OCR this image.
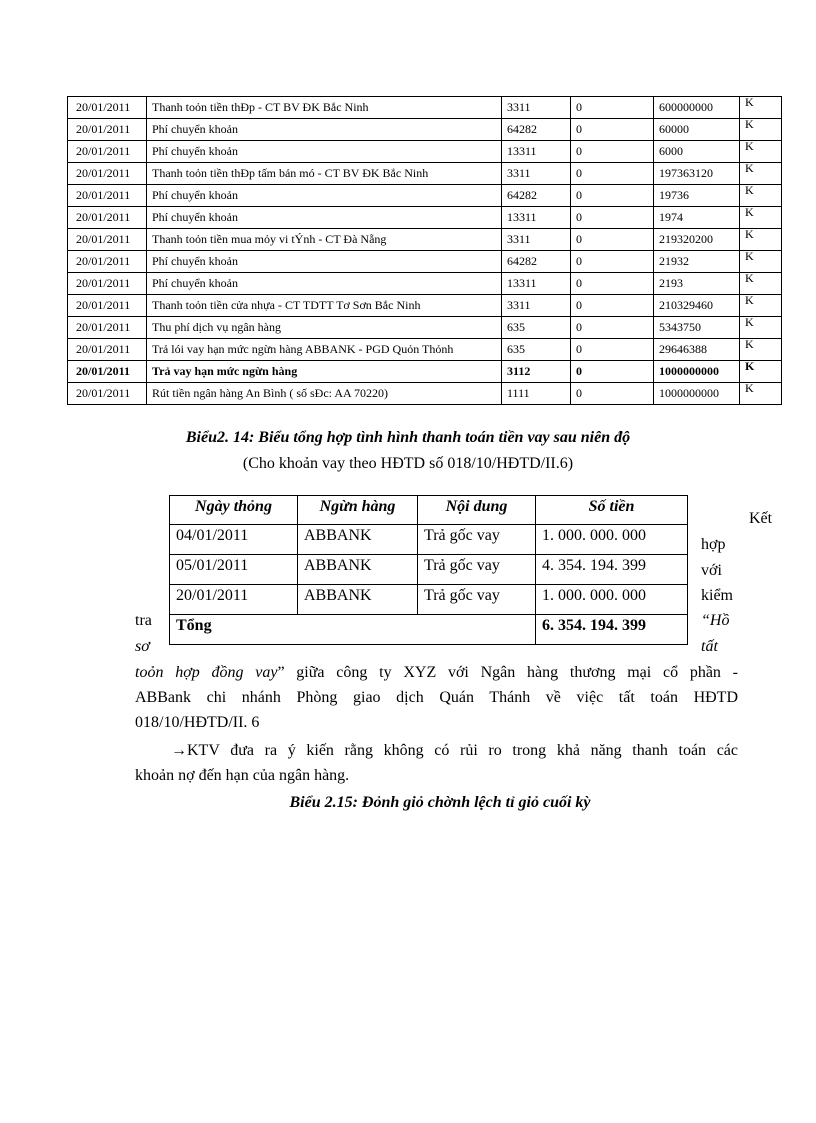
20/01/2011	Thanh toỏn tiền thĐp - CT BV ĐK Bắc Ninh	3311	0	600000000	K
20/01/2011	Phí chuyển khoản	64282	0	60000	K
20/01/2011	Phí chuyển khoản	13311	0	6000	K
20/01/2011	Thanh toỏn tiền thĐp tấm bản mó - CT BV ĐK Bắc Ninh	3311	0	197363120	K
20/01/2011	Phí chuyển khoản	64282	0	19736	K
20/01/2011	Phí chuyển khoản	13311	0	1974	K
20/01/2011	Thanh toỏn tiền mua mỏy vi tÝnh - CT Đà Nẵng	3311	0	219320200	K
20/01/2011	Phí chuyển khoản	64282	0	21932	K
20/01/2011	Phí chuyển khoản	13311	0	2193	K
20/01/2011	Thanh toỏn tiền cửa nhựa - CT TDTT Tơ Sơn Bắc Ninh	3311	0	210329460	K
20/01/2011	Thu phí dịch vụ ngân hàng	635	0	5343750	K
20/01/2011	Trả lói vay hạn mức ngừn hàng ABBANK - PGD Quỏn Thỏnh	635	0	29646388	K
20/01/2011	Trả vay hạn mức ngừn hàng	3112	0	1000000000	K
20/01/2011	Rút tiền ngân hàng An Bình ( số sÐc: AA 70220)	1111	0	1000000000	K
Biểu2. 14: Biểu tổng hợp tình hình thanh toán tiền vay sau niên độ
(Cho khoản vay theo HĐTD số 018/10/HĐTD/II.6)
Ngày thỏng	Ngừn hàng	Nội dung	Số tiền
04/01/2011	ABBANK	Trả gốc vay	1. 000. 000. 000
05/01/2011	ABBANK	Trả gốc vay	4. 354. 194. 399
20/01/2011	ABBANK	Trả gốc vay	1. 000. 000. 000
Tổng			6. 354. 194. 399
Kết
hợp
với
kiểm
“Hồ
tất
tra
sơ
toỏn hợp đồng vay” giữa công ty XYZ với Ngân hàng thương mại cổ phần -
ABBank chi nhánh Phòng giao dịch Quán Thánh về việc tất toán HĐTD
018/10/HĐTD/II. 6
→KTV đưa ra ý kiến rằng không có rủi ro trong khả năng thanh toán các
khoản nợ đến hạn của ngân hàng.
Biểu 2.15: Đỏnh giỏ chờnh lệch tỉ giỏ cuối kỳ
